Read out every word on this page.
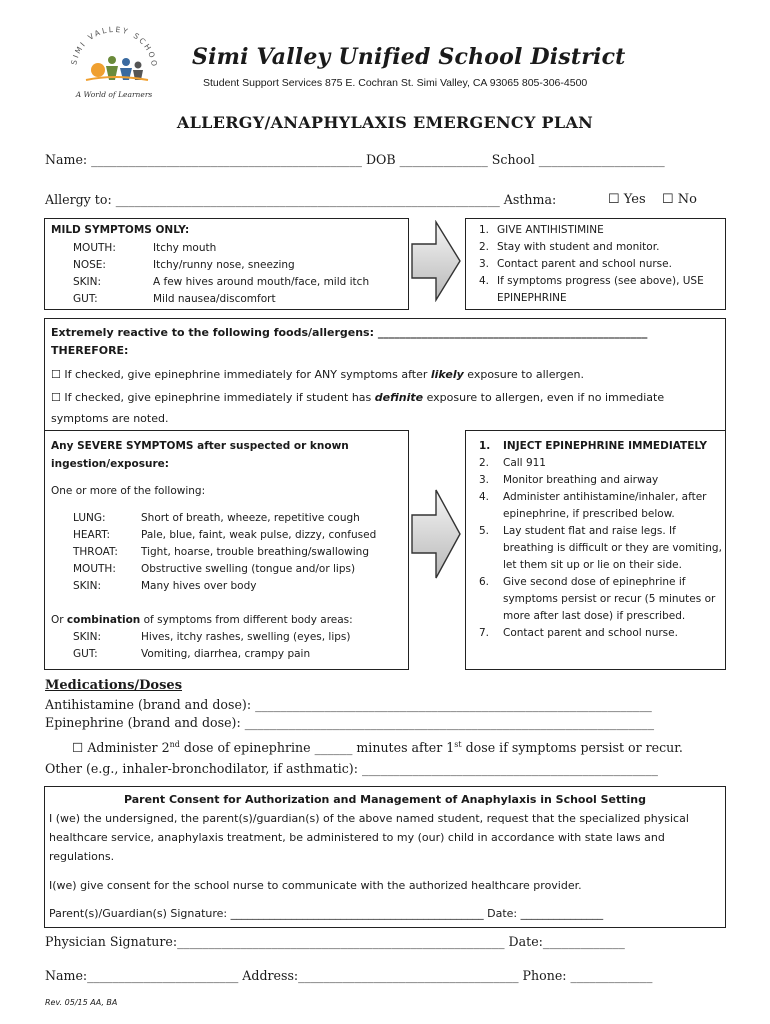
SIMI VALLEY SCHOO
A World of Learners
Simi Valley Unified School District
Student Support Services 875 E. Cochran St. Simi Valley, CA 93065 805-306-4500
ALLERGY/ANAPHYLAXIS EMERGENCY PLAN
Name: ___________________________________________ DOB ______________ School ____________________
Allergy to: _____________________________________________________________ Asthma:	☐ Yes ☐ No
MILD SYMPTOMS ONLY:
MOUTH:	Itchy mouth
NOSE:	Itchy/runny nose, sneezing
SKIN:	A few hives around mouth/face, mild itch
GUT:	Mild nausea/discomfort
1. GIVE ANTIHISTIMINE
2. Stay with student and monitor.
3. Contact parent and school nurse.
4. If symptoms progress (see above), USE
EPINEPHRINE
Extremely reactive to the following foods/allergens: _________________________________________________
THEREFORE:
☐ If checked, give epinephrine immediately for ANY symptoms after likely exposure to allergen.
☐ If checked, give epinephrine immediately if student has definite exposure to allergen, even if no immediate
symptoms are noted.
Any SEVERE SYMPTOMS after suspected or known
ingestion/exposure:
One or more of the following:
LUNG:	Short of breath, wheeze, repetitive cough
HEART:	Pale, blue, faint, weak pulse, dizzy, confused
THROAT: Tight, hoarse, trouble breathing/swallowing
MOUTH: Obstructive swelling (tongue and/or lips)
SKIN:	Many hives over body
Or combination of symptoms from different body areas:
SKIN:	Hives, itchy rashes, swelling (eyes, lips)
GUT:	Vomiting, diarrhea, crampy pain
1. INJECT EPINEPHRINE IMMEDIATELY
2. Call 911
3. Monitor breathing and airway
4. Administer antihistamine/inhaler, after
epinephrine, if prescribed below.
5. Lay student flat and raise legs. If
breathing is difficult or they are vomiting,
let them sit up or lie on their side.
6. Give second dose of epinephrine if
symptoms persist or recur (5 minutes or
more after last dose) if prescribed.
7. Contact parent and school nurse.
Medications/Doses
Antihistamine (brand and dose): _______________________________________________________________
Epinephrine (brand and dose): _________________________________________________________________
☐ Administer 2nd dose of epinephrine ______ minutes after 1st dose if symptoms persist or recur.
Other (e.g., inhaler-bronchodilator, if asthmatic): _______________________________________________
Parent Consent for Authorization and Management of Anaphylaxis in School Setting
I (we) the undersigned, the parent(s)/guardian(s) of the above named student, request that the specialized physical
healthcare service, anaphylaxis treatment, be administered to my (our) child in accordance with state laws and
regulations.
I(we) give consent for the school nurse to communicate with the authorized healthcare provider.
Parent(s)/Guardian(s) Signature: ______________________________________________ Date: _______________
Physician Signature:____________________________________________________ Date:_____________
Name:________________________ Address:___________________________________ Phone: _____________
Rev. 05/15 AA, BA
